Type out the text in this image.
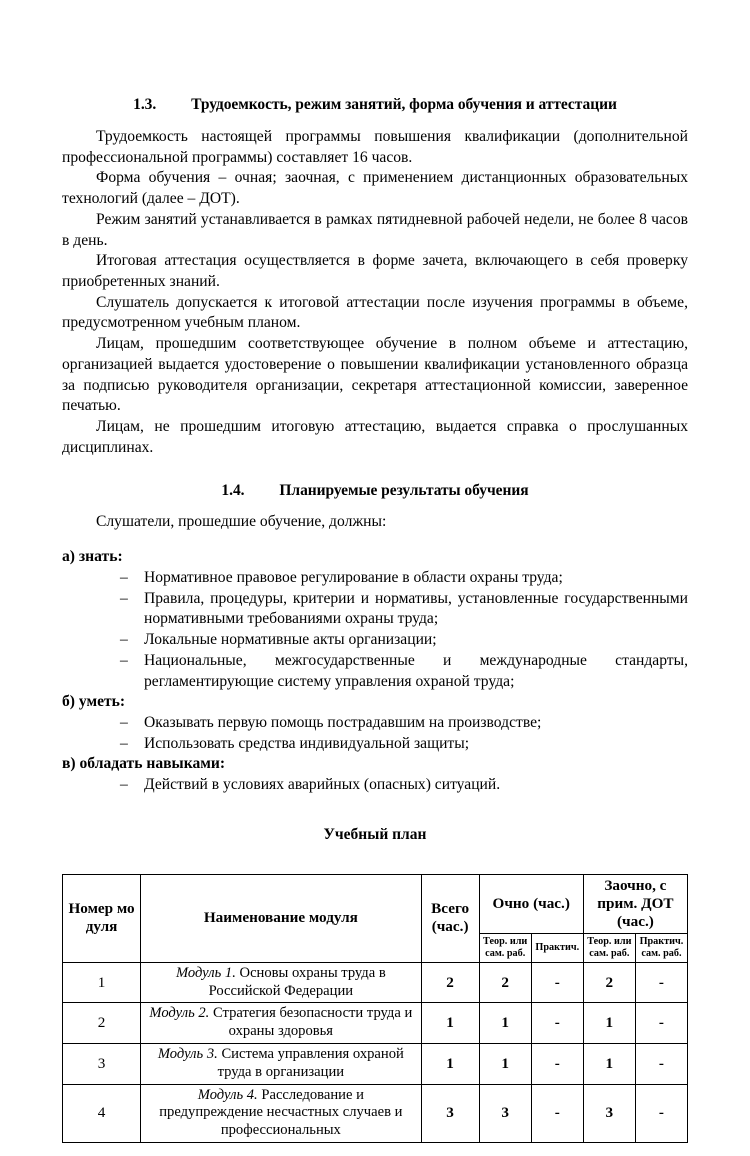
1.3. Трудоемкость, режим занятий, форма обучения и аттестации

Трудоемкость настоящей программы повышения квалификации (дополнительной профессиональной программы) составляет 16 часов.

Форма обучения – очная; заочная, с применением дистанционных образовательных технологий (далее – ДОТ).

Режим занятий устанавливается в рамках пятидневной рабочей недели, не более 8 часов в день.

Итоговая аттестация осуществляется в форме зачета, включающего в себя проверку приобретенных знаний.

Слушатель допускается к итоговой аттестации после изучения программы в объеме, предусмотренном учебным планом.

Лицам, прошедшим соответствующее обучение в полном объеме и аттестацию, организацией выдается удостоверение о повышении квалификации установленного образца за подписью руководителя организации, секретаря аттестационной комиссии, заверенное печатью.

Лицам, не прошедшим итоговую аттестацию, выдается справка о прослушанных дисциплинах.

1.4. Планируемые результаты обучения

Слушатели, прошедшие обучение, должны:

а) знать:

– Нормативное правовое регулирование в области охраны труда;
– Правила, процедуры, критерии и нормативы, установленные государственными нормативными требованиями охраны труда;
– Локальные нормативные акты организации;
– Национальные, межгосударственные и международные стандарты, регламентирующие систему управления охраной труда;

б) уметь:

– Оказывать первую помощь пострадавшим на производстве;
– Использовать средства индивидуальной защиты;

в) обладать навыками:

– Действий в условиях аварийных (опасных) ситуаций.

Учебный план

Номер модуля	Наименование модуля	Всего (час.)	Очно (час.)		Заочно, с прим. ДОТ (час.)	
			Теор. или сам. раб.	Практич.	Теор. или сам. раб.	Практич. сам. раб.
1	Модуль 1. Основы охраны труда в Российской Федерации	2	2	-	2	-
2	Модуль 2. Стратегия безопасности труда и охраны здоровья	1	1	-	1	-
3	Модуль 3. Система управления охраной труда в организации	1	1	-	1	-
4	Модуль 4. Расследование и предупреждение несчастных случаев и профессиональных	3	3	-	3	-
